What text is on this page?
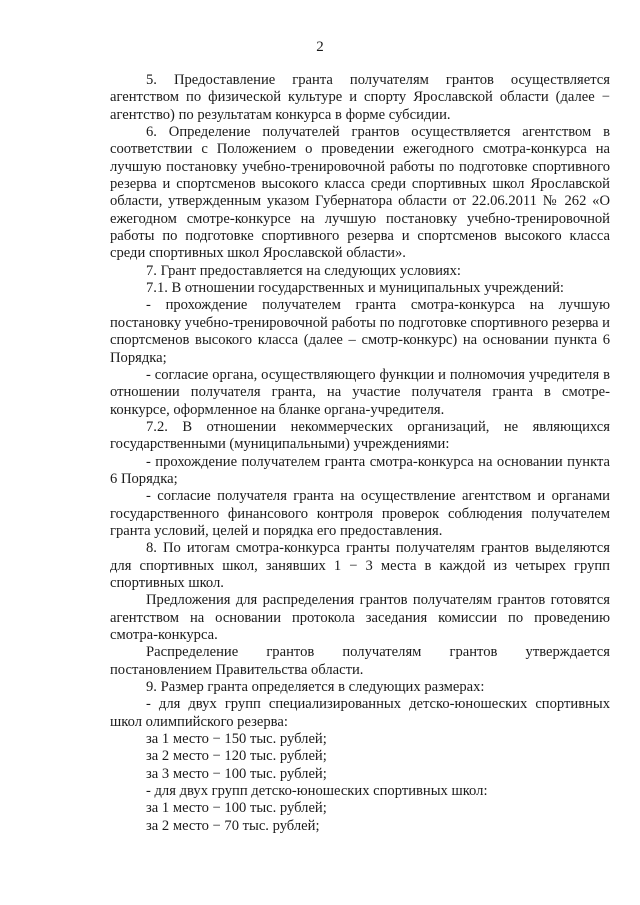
2

5. Предоставление гранта получателям грантов осуществляется агентством по физической культуре и спорту Ярославской области (далее − агентство) по результатам конкурса в форме субсидии.

6. Определение получателей грантов осуществляется агентством в соответствии с Положением о проведении ежегодного смотра-конкурса на лучшую постановку учебно-тренировочной работы по подготовке спортивного резерва и спортсменов высокого класса среди спортивных школ Ярославской области, утвержденным указом Губернатора области от 22.06.2011 № 262 «О ежегодном смотре-конкурсе на лучшую постановку учебно-тренировочной работы по подготовке спортивного резерва и спортсменов высокого класса среди спортивных школ Ярославской области».

7. Грант предоставляется на следующих условиях:

7.1. В отношении государственных и муниципальных учреждений:

- прохождение получателем гранта смотра-конкурса на лучшую постановку учебно-тренировочной работы по подготовке спортивного резерва и спортсменов высокого класса (далее – смотр-конкурс) на основании пункта 6 Порядка;

- согласие органа, осуществляющего функции и полномочия учредителя в отношении получателя гранта, на участие получателя гранта в смотре-конкурсе, оформленное на бланке органа-учредителя.

7.2. В отношении некоммерческих организаций, не являющихся государственными (муниципальными) учреждениями:

- прохождение получателем гранта смотра-конкурса на основании пункта 6 Порядка;

- согласие получателя гранта на осуществление агентством и органами государственного финансового контроля проверок соблюдения получателем гранта условий, целей и порядка его предоставления.

8. По итогам смотра-конкурса гранты получателям грантов выделяются для спортивных школ, занявших 1 − 3 места в каждой из четырех групп спортивных школ.

Предложения для распределения грантов получателям грантов готовятся агентством на основании протокола заседания комиссии по проведению смотра-конкурса.

Распределение грантов получателям грантов утверждается постановлением Правительства области.

9. Размер гранта определяется в следующих размерах:

- для двух групп специализированных детско-юношеских спортивных школ олимпийского резерва:

за 1 место − 150 тыс. рублей;

за 2 место − 120 тыс. рублей;

за 3 место − 100 тыс. рублей;

- для двух групп детско-юношеских спортивных школ:

за 1 место − 100 тыс. рублей;

за 2 место − 70 тыс. рублей;
